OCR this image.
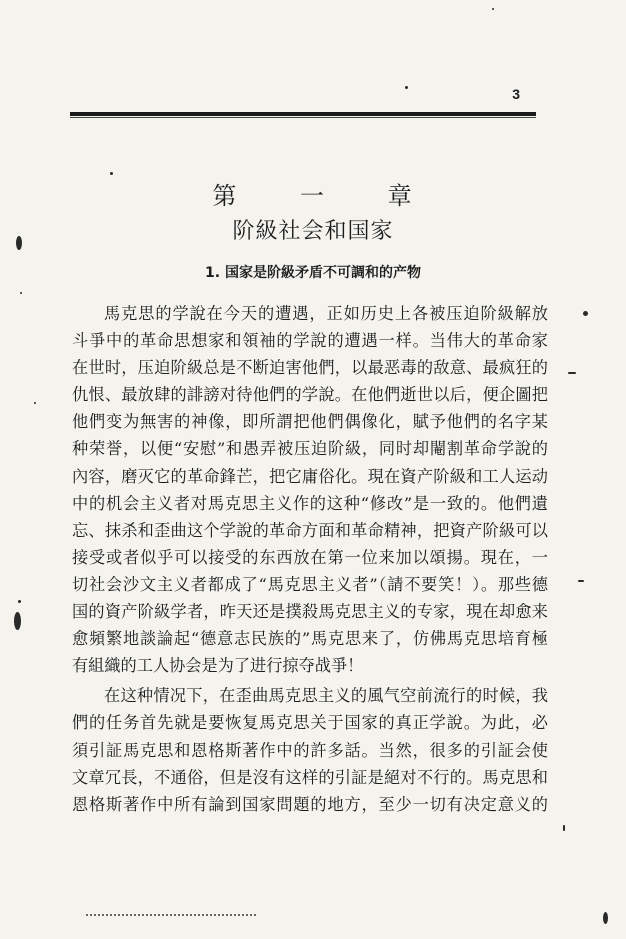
3
第 一 章
阶級社会和国家
1. 国家是阶級矛盾不可調和的产物
馬克思的学說在今天的遭遇，正如历史上各被压迫阶級解放
斗爭中的革命思想家和領袖的学說的遭遇一样。当伟大的革命家
在世时，压迫阶級总是不断迫害他們，以最恶毒的敌意、最疯狂的
仇恨、最放肆的誹謗对待他們的学說。在他們逝世以后，便企圖把
他們变为無害的神像，即所謂把他們偶像化，賦予他們的名字某
种荣誉，以便“安慰”和愚弄被压迫阶級，同时却閹割革命学說的
內容，磨灭它的革命鋒芒，把它庸俗化。現在資产阶級和工人运动
中的机会主义者对馬克思主义作的这种“修改”是一致的。他們遺
忘、抹杀和歪曲这个学說的革命方面和革命精神，把資产阶級可以
接受或者似乎可以接受的东西放在第一位来加以頌揚。現在，一
切社会沙文主义者都成了“馬克思主义者”（請不要笑！）。那些德
国的資产阶級学者，昨天还是撲殺馬克思主义的专家，現在却愈来
愈頻繁地談論起“德意志民族的”馬克思来了，仿佛馬克思培育極
有組織的工人协会是为了进行掠夺战爭！
在这种情况下，在歪曲馬克思主义的風气空前流行的时候，我
們的任务首先就是要恢复馬克思关于国家的真正学說。为此，必
須引証馬克思和恩格斯著作中的許多話。当然，很多的引証会使
文章冗長，不通俗，但是沒有这样的引証是絕对不行的。馬克思和
恩格斯著作中所有論到国家問題的地方，至少一切有决定意义的
